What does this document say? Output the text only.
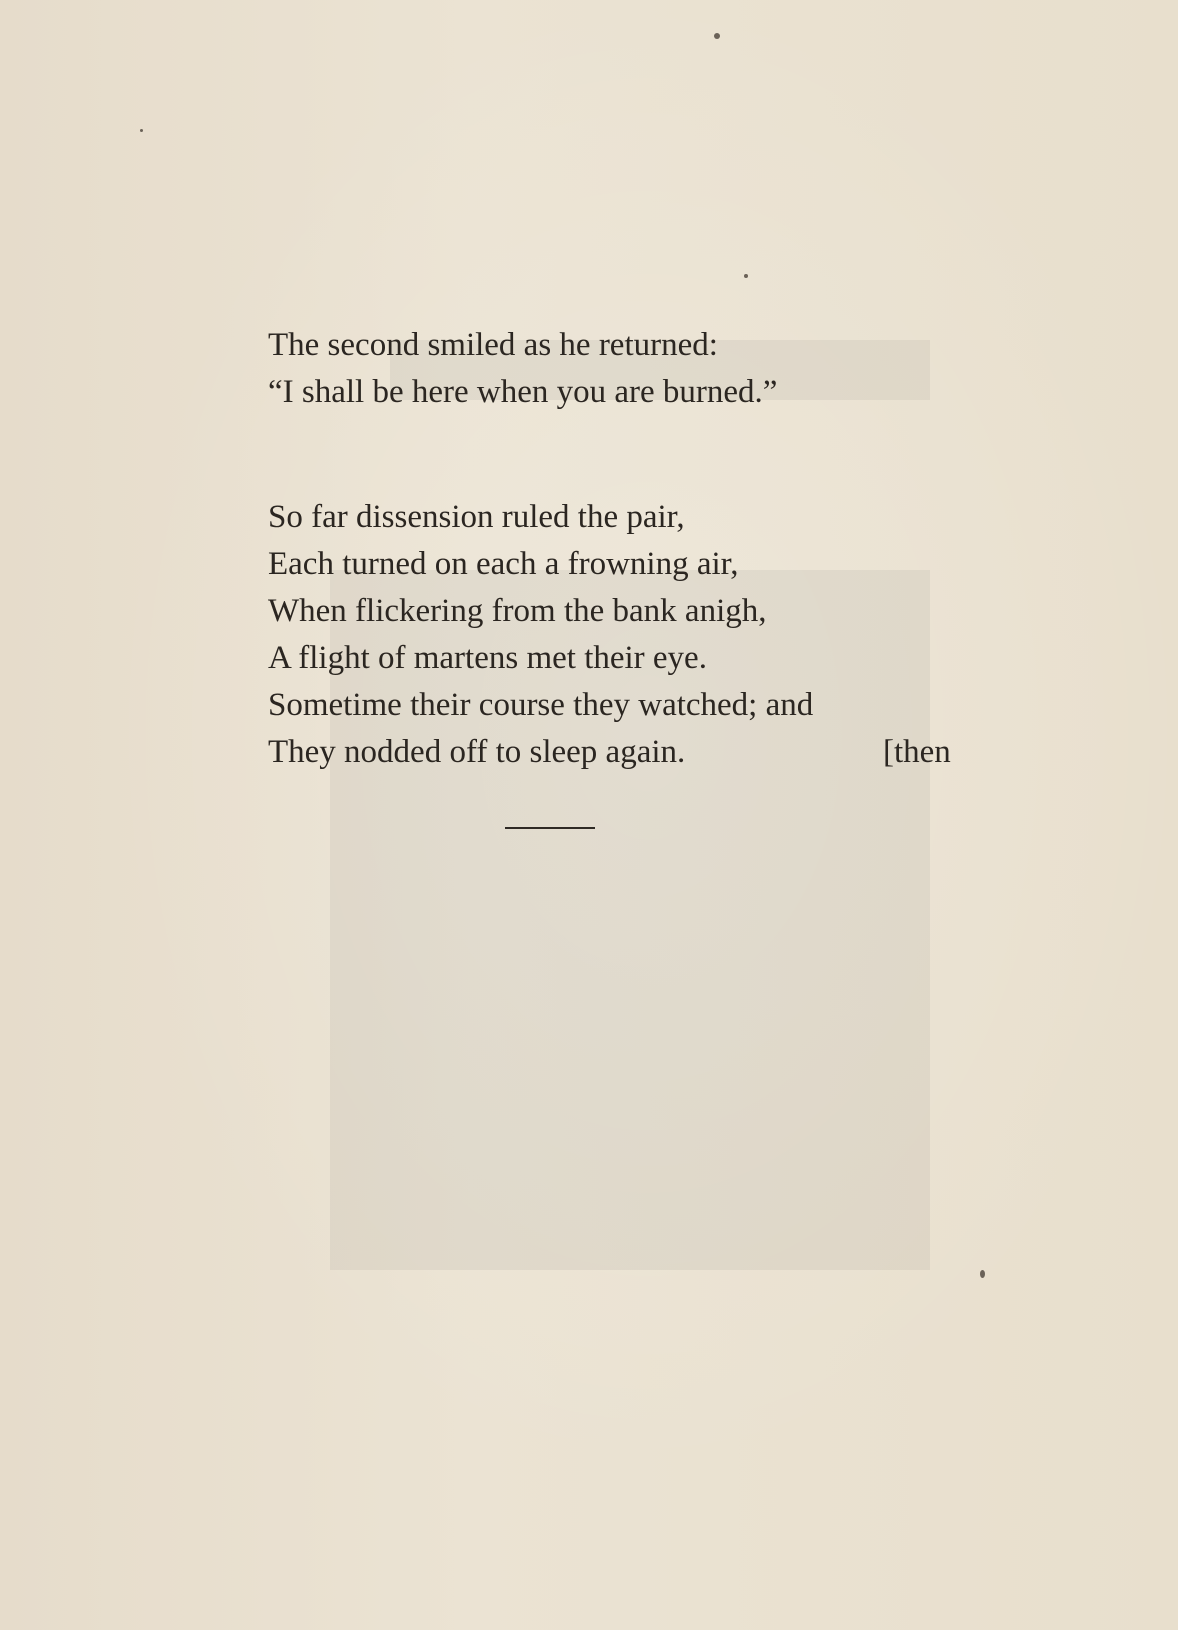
The second smiled as he returned:
“I shall be here when you are burned.”
So far dissension ruled the pair,
Each turned on each a frowning air,
When flickering from the bank anigh,
A flight of martens met their eye.
Sometime their course they watched; and
They nodded off to sleep again.	[then
